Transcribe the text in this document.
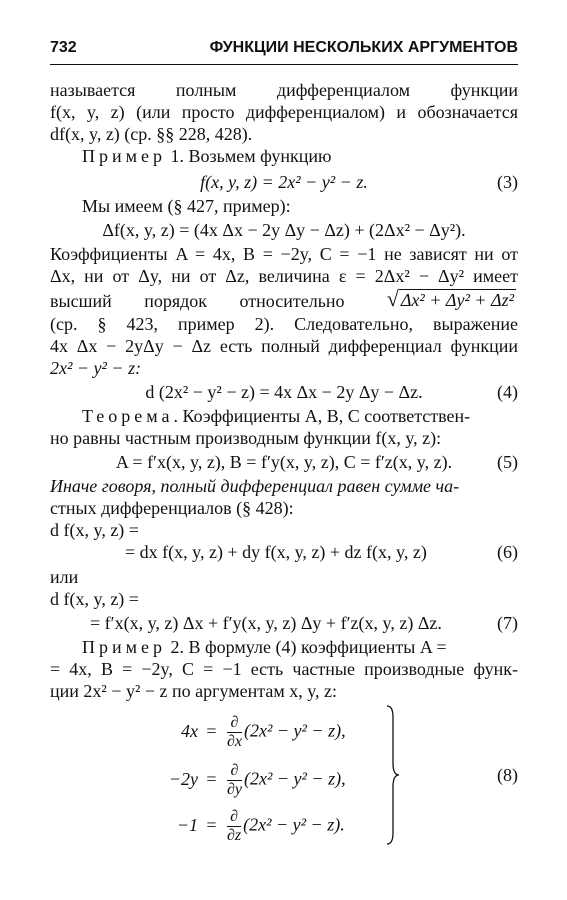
732	ФУНКЦИИ НЕСКОЛЬКИХ АРГУМЕНТОВ
называется полным дифференциалом функции
f(x, y, z) (или просто дифференциалом) и обозначается
df(x, y, z) (ср. §§ 228, 428).
Пример 1. Возьмем функцию
f(x, y, z) = 2x² − y² − z.	(3)
Мы имеем (§ 427, пример):
Δf(x, y, z) = (4x Δx − 2y Δy − Δz) + (2Δx² − Δy²).
Коэффициенты A = 4x, B = −2y, C = −1 не зависят ни от
Δx, ни от Δy, ни от Δz, величина ε = 2Δx² − Δy² имеет
высший порядок относительно √ Δx² + Δy² + Δz²
(ср. § 423, пример 2). Следовательно, выражение
4x Δx − 2yΔy − Δz есть полный дифференциал функции
2x² − y² − z:
d (2x² − y² − z) = 4x Δx − 2y Δy − Δz.	(4)
Теорема. Коэффициенты A, B, C соответствен-
но равны частным производным функции f(x, y, z):
A = f′x(x, y, z), B = f′y(x, y, z), C = f′z(x, y, z).	(5)
Иначе говоря, полный дифференциал равен сумме ча-
стных дифференциалов (§ 428):
d f(x, y, z) =
= dx f(x, y, z) + dy f(x, y, z) + dz f(x, y, z)	(6)
или
d f(x, y, z) =
= f′x(x, y, z) Δx + f′y(x, y, z) Δy + f′z(x, y, z) Δz.	(7)
Пример 2. В формуле (4) коэффициенты A =
= 4x, B = −2y, C = −1 есть частные производные функ-
ции 2x² − y² − z по аргументам x, y, z:
$4x = \frac{\partial}{\partial x} (2x^2 - y^2 - z)$,
$-2y = \frac{\partial}{\partial y} (2x^2 - y^2 - z)$,
$-1 = \frac{\partial}{\partial z} (2x^2 - y^2 - z)$.
(8)
